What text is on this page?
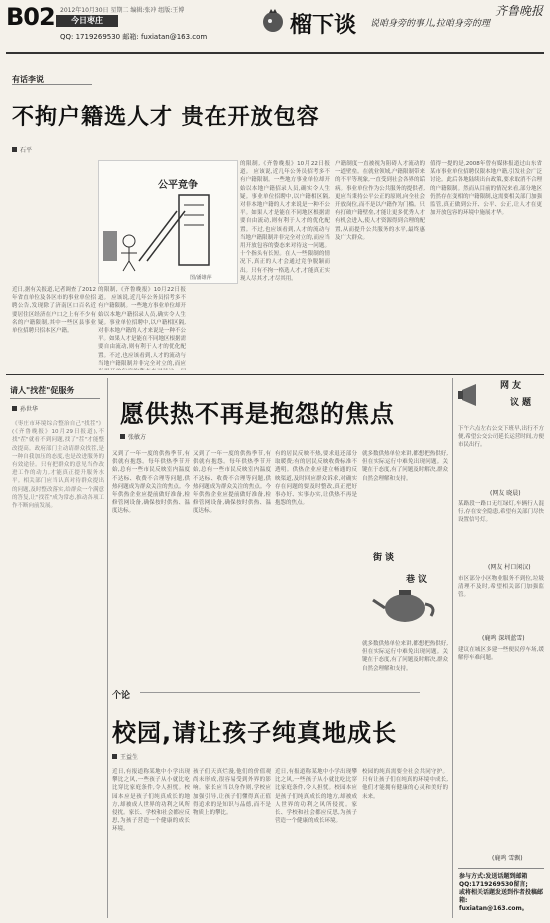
B02 2012年10月30日 星期二 编辑:张冲 组版:王博
今日枣庄
QQ: 1719269530 邮箱: fuxiatan@163.com	榴下谈 说咱身旁的事儿,拉咱身旁的理
齐鲁晚报
有话李说
不拘户籍选人才 贵在开放包容
石平
公平竞争
图/潘雄萍
近日,据有关报道,记者调查了2012年省直单位及各区市的事业单位招聘公告,发现除了济南区口百名近要居住区经济在户口之上有不少有名的户籍限制,其中一些区县事业单位招聘只招本区户籍。
的限制,《齐鲁晚报》10月22日报道。 应该说,近几年公务员招考多不有户籍限制。一些地方事业单位却开始以本地户籍招录人员,确实令人生疑。事业单位招聘中,以户籍相区隔,对非本地户籍的人才来说是一种不公平。如果人才是能在不同地区根据需要自由流动,则有利于人才的优化配置。不过,也应该看到,人才的流动与当地户籍限制并非完全对立的,而应
的限制,《齐鲁晚报》10月22日报道。 应该说,近几年公务员招考多不有户籍限制。一些地方事业单位却开始以本地户籍招录人员,确实令人生疑。事业单位招聘中,以户籍相区隔,对非本地户籍的人才来说是一种不公平。如果人才是能在不同地区根据需要自由流动,则有利于人才的优化配置。不过,也应该看到,人才的流动与当地户籍限制并非完全对立的,而应当用开放包容的姿态来对待这一问题。 十个指头有长短。在人一些限制的情况下,真正的人才会通过竞争脱颖而出。只有不拘一格选人才,才能真正实现人尽其才,才尽其用。
户籍制度一直被视为阻碍人才流动的一道壁垒。在就业领域,户籍限制带来的不平等现象,一直受到社会各界的诟病。事业单位作为公共服务的提供者,更应当秉持公平公正的原则,向全社会开放岗位,而不是以户籍作为门槛。只有打破户籍壁垒,才能让更多优秀人才有机会进入,使人才资源得到合理的配置,从而提升公共服务的水平,最终惠及广大群众。
值得一提的是,2008年曾有媒体报道过山东省某市事业单位招聘仅限本地户籍,引发社会广泛讨论。此后各地陆续出台政策,要求取消不合理的户籍限制。然而从目前的情况来看,部分地区仍然存在变相的户籍限制,这需要相关部门加强监管,真正做到公开、公平、公正,让人才在更加开放包容的环境中施展才华。
请人"找茬"促服务
孙世华
《枣庄市环境综合整治自己"找茬"》(《齐鲁晚报》10月29日报道),不找"茬"就看不到问题,找了"茬"才能整改提高。政府部门主动请群众找茬,是一种自我加压的态度,也是改进服务的有效途径。只有把群众的意见当作改进工作的动力,才能真正提升服务水平。相关部门应当认真对待群众提出的问题,及时整改落实,给群众一个满意的答复,让"找茬"成为常态,推动各项工作不断向前发展。
愿供热不再是抱怨的焦点
张敏方
又到了一年一度的供热季节,有供就有抱怨。每年供热季节开始,总有一些市民反映室内温度不达标、收费不合理等问题,供热问题成为群众关注的焦点。今年供热企业应提前做好准备,检修管网设备,确保按时供热、温度达标。
又到了一年一度的供热季节,有供就有抱怨。每年供热季节开始,总有一些市民反映室内温度不达标、收费不合理等问题,供热问题成为群众关注的焦点。今年供热企业应提前做好准备,检修管网设备,确保按时供热、温度达标。
有的居民反映不热,要求退还部分取暖费;有的居民反映收费标准不透明。供热企业应建立畅通的反映渠道,及时回应群众诉求,对确实存在问题的要及时整改,真正把好事办好、实事办实,让供热不再是抱怨的焦点。
就多数供热单位来讲,都想把热供好,但在实际运行中难免出现问题。关键在于态度,有了问题及时解决,群众自然会理解和支持。
街谈
巷议
就多数供热单位来讲,都想把热供好,但在实际运行中难免出现问题。关键在于态度,有了问题及时解决,群众自然会理解和支持。
个论
校园,请让孩子纯真地成长
王益生
近日,有报道称某地中小学出现攀比之风,一些孩子从小就比吃比穿比家庭条件,令人担忧。校园本应是孩子们纯真成长的地方,却被成人世界的功利之风所侵扰。家长、学校和社会都应反思,为孩子营造一个健康的成长环境。
孩子们天真烂漫,他们的价值观尚未形成,很容易受到外界的影响。家长应当以身作则,学校应加强引导,让孩子们懂得真正值得追求的是知识与品德,而不是物质上的攀比。
近日,有报道称某地中小学出现攀比之风,一些孩子从小就比吃比穿比家庭条件,令人担忧。校园本应是孩子们纯真成长的地方,却被成人世界的功利之风所侵扰。家长、学校和社会都应反思,为孩子营造一个健康的成长环境。
校园的纯真需要全社会共同守护。只有让孩子们在纯真的环境中成长,他们才能拥有健康的心灵和美好的未来。
网友
议题
下午六点左右公交下班早,出行不方便,希望公交公司延长运营时间,方便市民出行。
(网友 晓晨)
某路段一路口无红绿灯,车辆行人混行,存在安全隐患,希望有关部门尽快设置信号灯。
(网友 村口闲汉)
市区部分小区物业服务不到位,垃圾清理不及时,希望相关部门加强监管。
(鹿鸣 深圳蓝雪)
建议在城区多建一些便民停车场,缓解停车难问题。
(鹿鸣 雪飘)
参与方式:发送话题到邮箱
QQ:1719269530留言;
或将相关话题发送到作者投稿邮箱:
fuxiatan@163.com。
